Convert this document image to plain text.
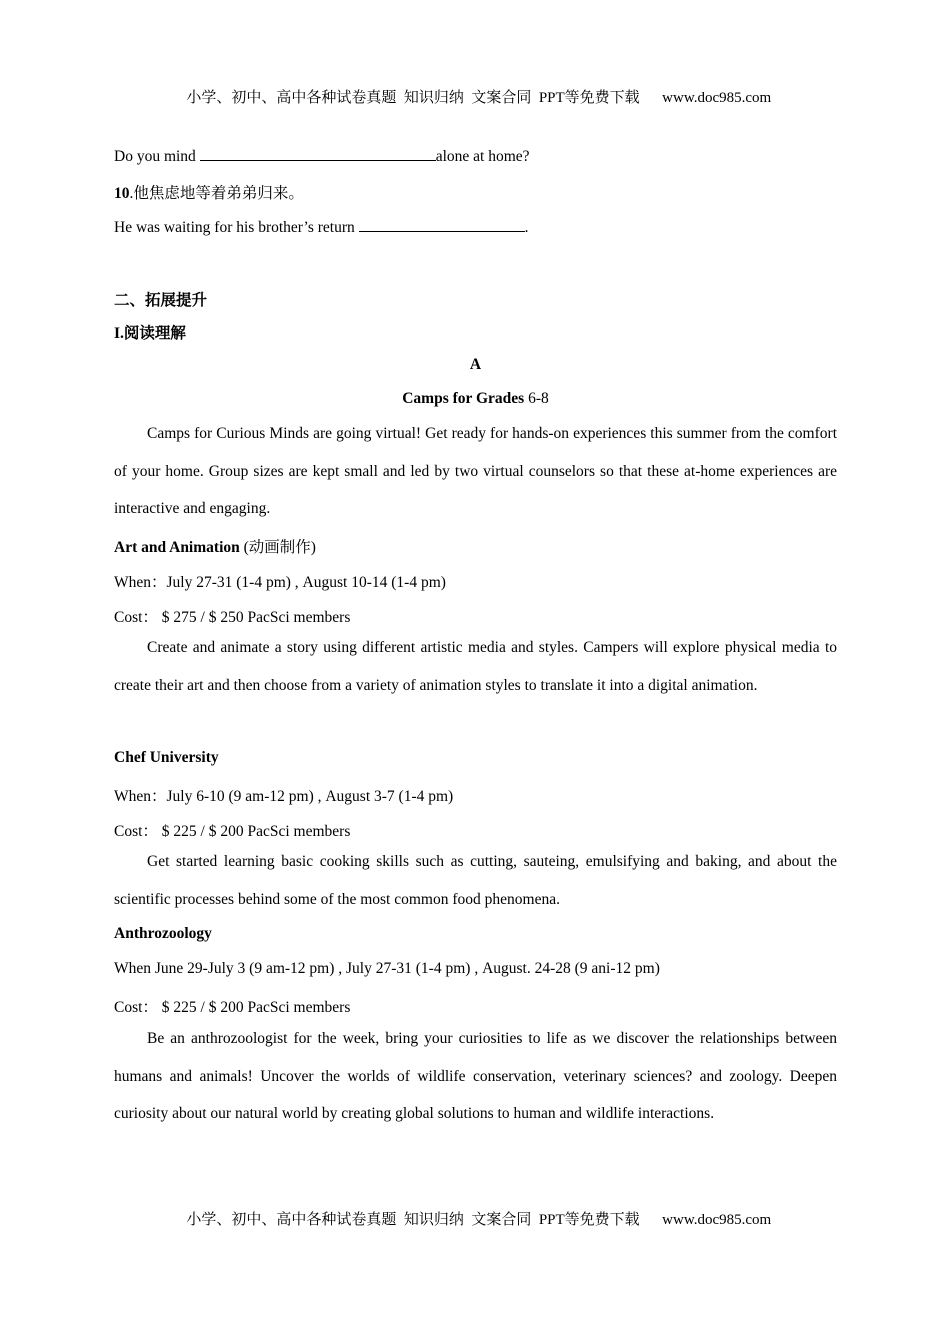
小学、初中、高中各种试卷真题  知识归纳  文案合同  PPT等免费下载 www.doc985.com

Do you mind	alone at home?
10.他焦虑地等着弟弟归来。
He was waiting for his brother’s return	.
二、拓展提升
I.阅读理解
A
Camps for Grades 6-8

Camps for Curious Minds are going virtual! Get ready for hands-on experiences this summer from the comfort of your home. Group sizes are kept small and led by two virtual counselors so that these at-home experiences are interactive and engaging.

Art and Animation (动画制作)
When：July 27-31 (1-4 pm) , August 10-14 (1-4 pm)
Cost： $ 275 / $ 250 PacSci members

Create and animate a story using different artistic media and styles. Campers will explore physical media to create their art and then choose from a variety of animation styles to translate it into a digital animation.

Chef University
When：July 6-10 (9 am-12 pm) , August 3-7 (1-4 pm)
Cost： $ 225 / $ 200 PacSci members

Get started learning basic cooking skills such as cutting, sauteing, emulsifying and baking, and about the scientific processes behind some of the most common food phenomena.

Anthrozoology
When June 29-July 3 (9 am-12 pm) , July 27-31 (1-4 pm) , August. 24-28 (9 ani-12 pm)
Cost： $ 225 / $ 200 PacSci members

Be an anthrozoologist for the week, bring your curiosities to life as we discover the relationships between humans and animals! Uncover the worlds of wildlife conservation, veterinary sciences? and zoology. Deepen curiosity about our natural world by creating global solutions to human and wildlife interactions.

小学、初中、高中各种试卷真题  知识归纳  文案合同  PPT等免费下载 www.doc985.com
